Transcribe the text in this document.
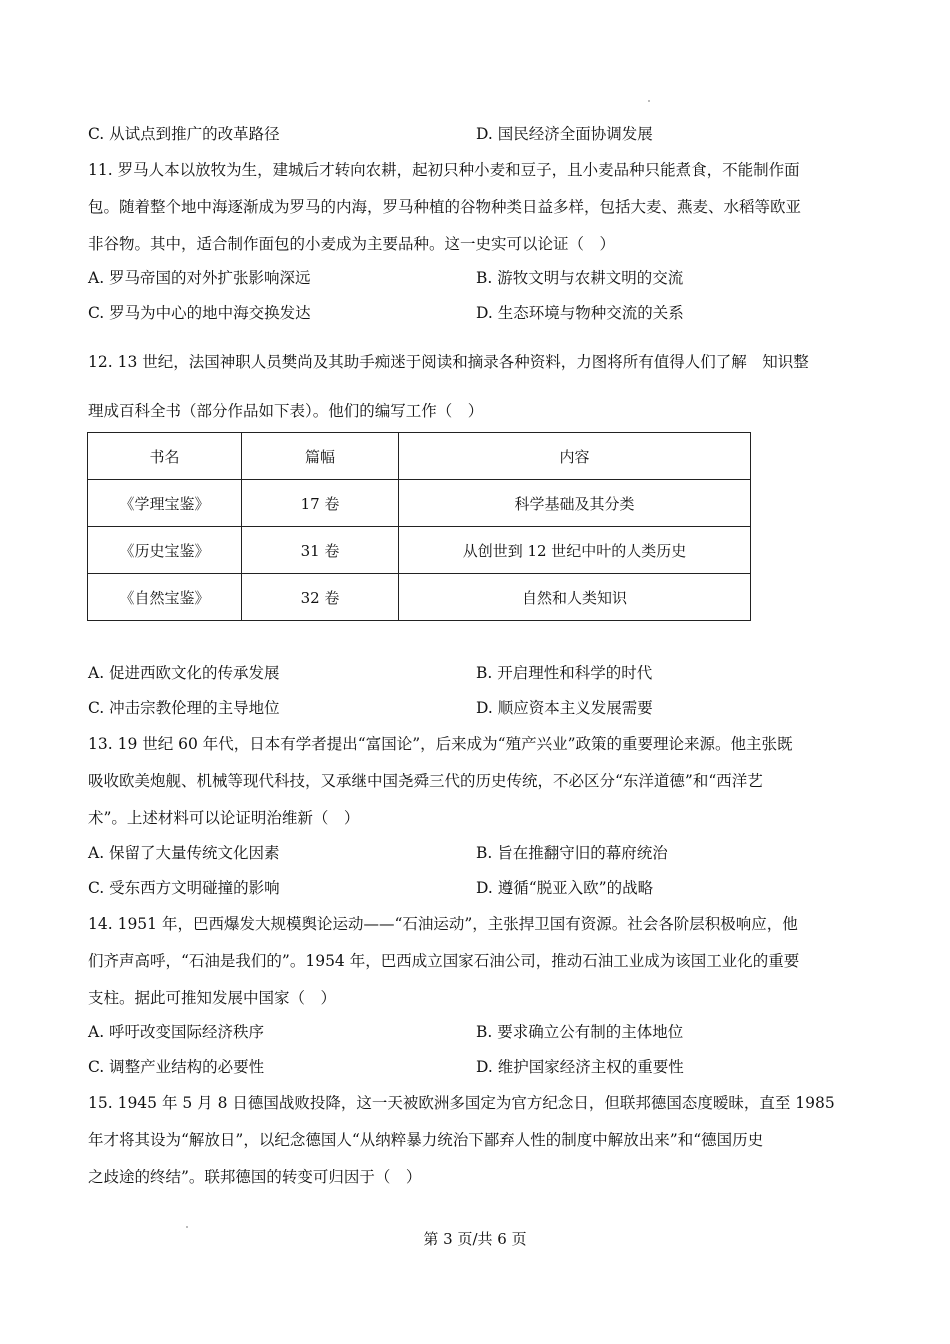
C. 从试点到推广的改革路径	D. 国民经济全面协调发展
11. 罗马人本以放牧为生，建城后才转向农耕，起初只种小麦和豆子，且小麦品种只能煮食，不能制作面
包。随着整个地中海逐渐成为罗马的内海，罗马种植的谷物种类日益多样，包括大麦、燕麦、水稻等欧亚
非谷物。其中，适合制作面包的小麦成为主要品种。这一史实可以论证（　）
A. 罗马帝国的对外扩张影响深远	B. 游牧文明与农耕文明的交流
C. 罗马为中心的地中海交换发达	D. 生态环境与物种交流的关系
12. 13 世纪，法国神职人员樊尚及其助手痴迷于阅读和摘录各种资料，力图将所有值得人们了解　知识整
理成百科全书（部分作品如下表）。他们的编写工作（　）
书名	篇幅	内容
《学理宝鉴》	17 卷	科学基础及其分类
《历史宝鉴》	31 卷	从创世到 12 世纪中叶的人类历史
《自然宝鉴》	32 卷	自然和人类知识
A. 促进西欧文化的传承发展	B. 开启理性和科学的时代
C. 冲击宗教伦理的主导地位	D. 顺应资本主义发展需要
13. 19 世纪 60 年代，日本有学者提出“富国论”，后来成为“殖产兴业”政策的重要理论来源。他主张既
吸收欧美炮舰、机械等现代科技，又承继中国尧舜三代的历史传统，不必区分“东洋道德”和“西洋艺
术”。上述材料可以论证明治维新（　）
A. 保留了大量传统文化因素	B. 旨在推翻守旧的幕府统治
C. 受东西方文明碰撞的影响	D. 遵循“脱亚入欧”的战略
14. 1951 年，巴西爆发大规模舆论运动——“石油运动”，主张捍卫国有资源。社会各阶层积极响应，他
们齐声高呼，“石油是我们的”。1954 年，巴西成立国家石油公司，推动石油工业成为该国工业化的重要
支柱。据此可推知发展中国家（　）
A. 呼吁改变国际经济秩序	B. 要求确立公有制的主体地位
C. 调整产业结构的必要性	D. 维护国家经济主权的重要性
15. 1945 年 5 月 8 日德国战败投降，这一天被欧洲多国定为官方纪念日，但联邦德国态度暧昧，直至 1985
年才将其设为“解放日”，以纪念德国人“从纳粹暴力统治下鄙弃人性的制度中解放出来”和“德国历史
之歧途的终结”。联邦德国的转变可归因于（　）
第 3 页/共 6 页
